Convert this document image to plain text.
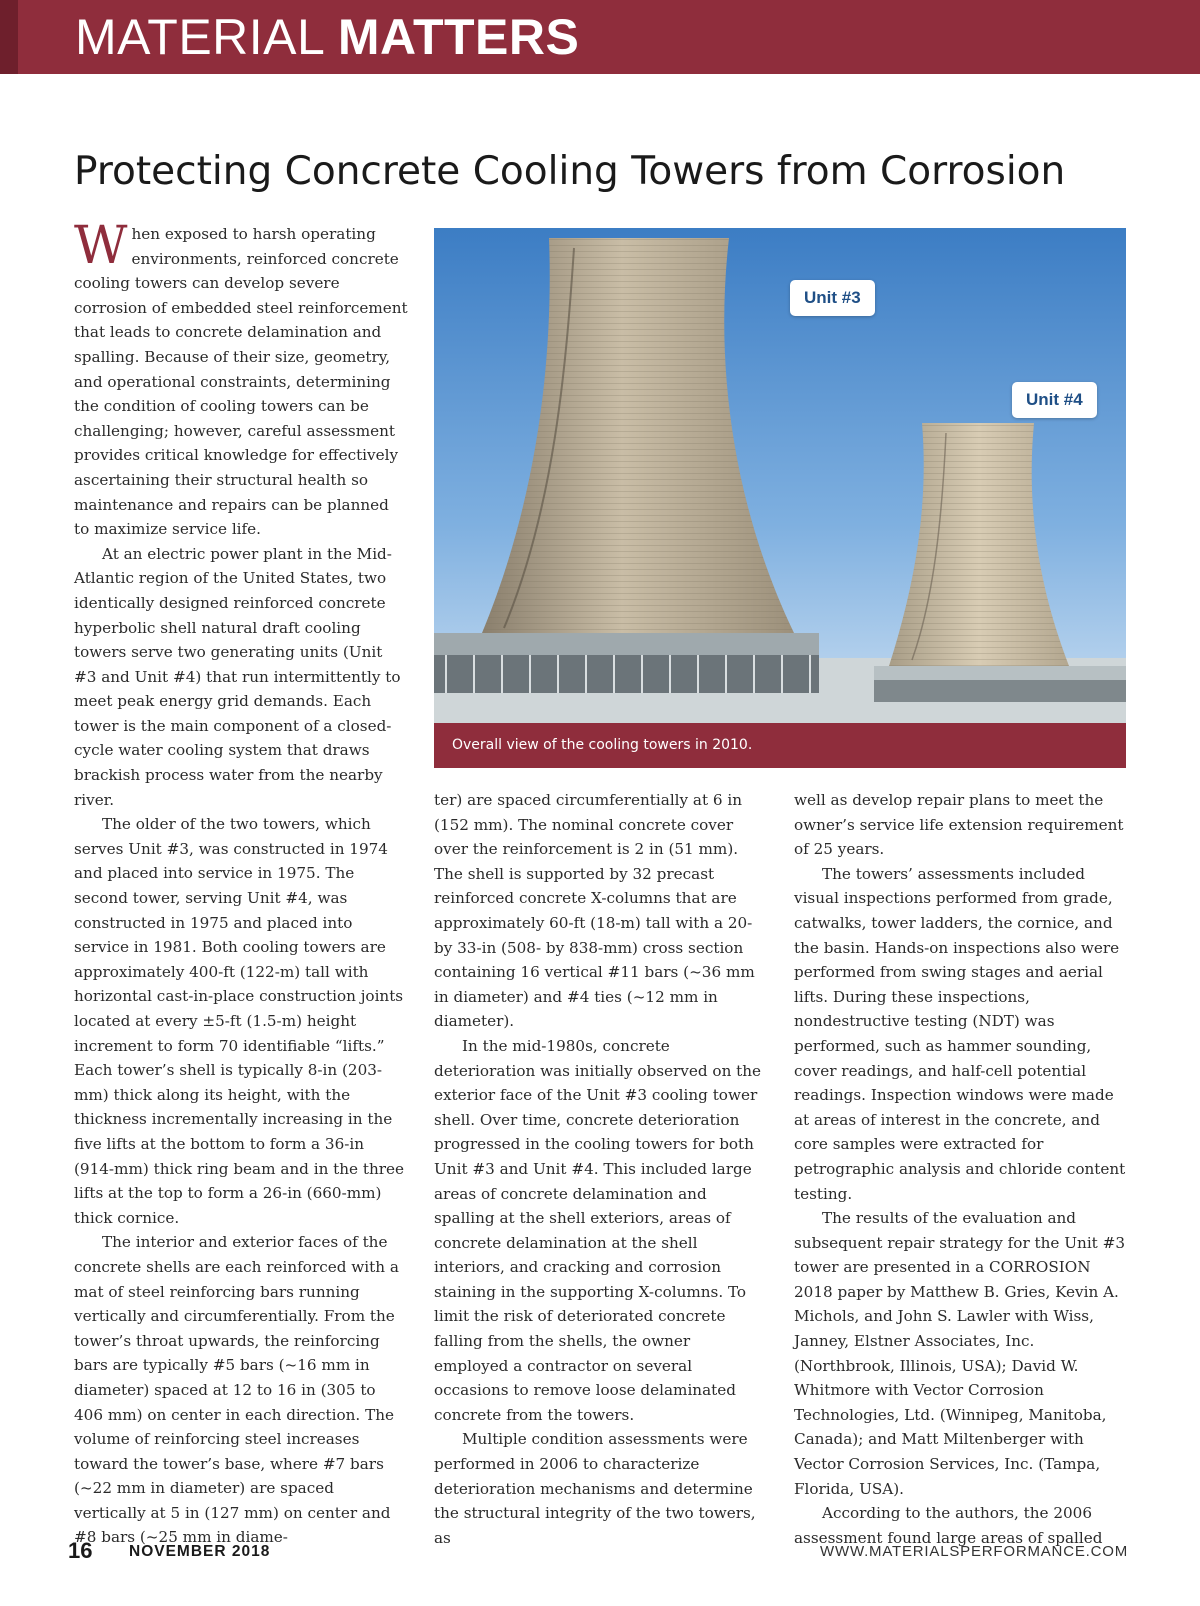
MATERIAL MATTERS
Protecting Concrete Cooling Towers from Corrosion

When exposed to harsh operating environments, reinforced concrete cooling towers can develop severe corrosion of embedded steel reinforcement that leads to concrete delamination and spalling. Because of their size, geometry, and operational constraints, determining the condition of cooling towers can be challenging; however, careful assessment provides critical knowledge for effectively ascertaining their structural health so maintenance and repairs can be planned to maximize service life.

At an electric power plant in the Mid-Atlantic region of the United States, two identically designed reinforced concrete hyperbolic shell natural draft cooling towers serve two generating units (Unit #3 and Unit #4) that run intermittently to meet peak energy grid demands. Each tower is the main component of a closed-cycle water cooling system that draws brackish process water from the nearby river.

The older of the two towers, which serves Unit #3, was constructed in 1974 and placed into service in 1975. The second tower, serving Unit #4, was constructed in 1975 and placed into service in 1981. Both cooling towers are approximately 400-ft (122-m) tall with horizontal cast-in-place construction joints located at every ±5-ft (1.5-m) height increment to form 70 identifiable “lifts.” Each tower’s shell is typically 8-in (203-mm) thick along its height, with the thickness incrementally increasing in the five lifts at the bottom to form a 36-in (914-mm) thick ring beam and in the three lifts at the top to form a 26-in (660-mm) thick cornice.

The interior and exterior faces of the concrete shells are each reinforced with a mat of steel reinforcing bars running vertically and circumferentially. From the tower’s throat upwards, the reinforcing bars are typically #5 bars (~16 mm in diameter) spaced at 12 to 16 in (305 to 406 mm) on center in each direction. The volume of reinforcing steel increases toward the tower’s base, where #7 bars (~22 mm in diameter) are spaced vertically at 5 in (127 mm) on center and #8 bars (~25 mm in diame-

Unit #3
Unit #4
Overall view of the cooling towers in 2010.

ter) are spaced circumferentially at 6 in (152 mm). The nominal concrete cover over the reinforcement is 2 in (51 mm). The shell is supported by 32 precast reinforced concrete X-columns that are approximately 60-ft (18-m) tall with a 20- by 33-in (508- by 838-mm) cross section containing 16 vertical #11 bars (~36 mm in diameter) and #4 ties (~12 mm in diameter).

In the mid-1980s, concrete deterioration was initially observed on the exterior face of the Unit #3 cooling tower shell. Over time, concrete deterioration progressed in the cooling towers for both Unit #3 and Unit #4. This included large areas of concrete delamination and spalling at the shell exteriors, areas of concrete delamination at the shell interiors, and cracking and corrosion staining in the supporting X-columns. To limit the risk of deteriorated concrete falling from the shells, the owner employed a contractor on several occasions to remove loose delaminated concrete from the towers.

Multiple condition assessments were performed in 2006 to characterize deterioration mechanisms and determine the structural integrity of the two towers, as

well as develop repair plans to meet the owner’s service life extension requirement of 25 years.

The towers’ assessments included visual inspections performed from grade, catwalks, tower ladders, the cornice, and the basin. Hands-on inspections also were performed from swing stages and aerial lifts. During these inspections, nondestructive testing (NDT) was performed, such as hammer sounding, cover readings, and half-cell potential readings. Inspection windows were made at areas of interest in the concrete, and core samples were extracted for petrographic analysis and chloride content testing.

The results of the evaluation and subsequent repair strategy for the Unit #3 tower are presented in a CORROSION 2018 paper by Matthew B. Gries, Kevin A. Michols, and John S. Lawler with Wiss, Janney, Elstner Associates, Inc. (Northbrook, Illinois, USA); David W. Whitmore with Vector Corrosion Technologies, Ltd. (Winnipeg, Manitoba, Canada); and Matt Miltenberger with Vector Corrosion Services, Inc. (Tampa, Florida, USA).

According to the authors, the 2006 assessment found large areas of spalled

16 NOVEMBER 2018	WWW.MATERIALSPERFORMANCE.COM
